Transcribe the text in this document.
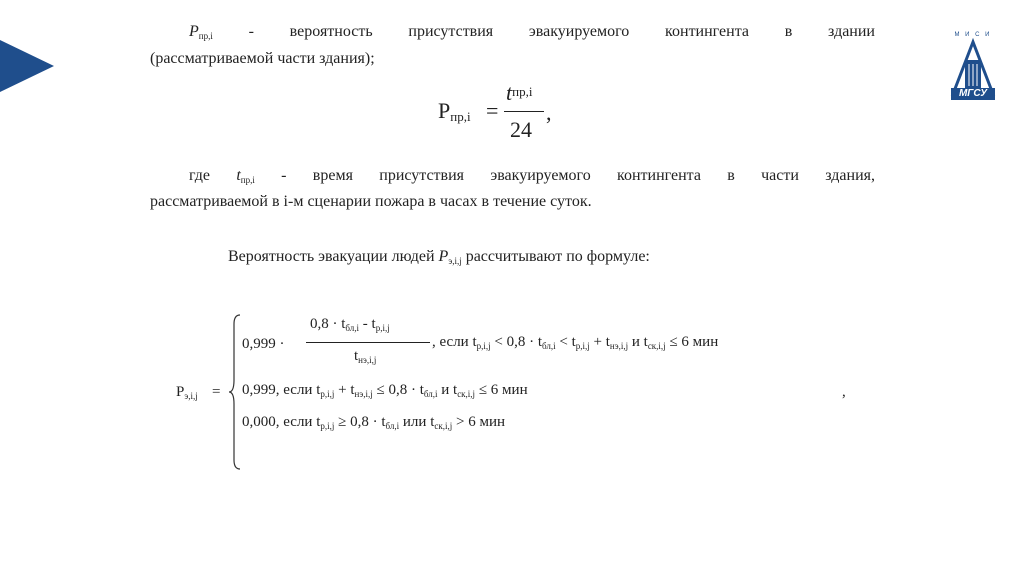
М И С И
МГСУ
$P_{пр,i}$ - вероятность присутствия эвакуируемого контингента в здании
(рассматриваемой части здания);
$P_{пр,i}$ =
$t_{пр,i}$
24
,
где $t_{пр,i}$ - время присутствия эвакуируемого контингента в части здания,
рассматриваемой в i-м сценарии пожара в часах в течение суток.
Вероятность эвакуации людей $P_{э,i,j}$ рассчитывают по формуле:
$P_{э,i,j}$ =
0,999 ·
$0,8 \cdot t_{бл,i} - t_{р,i,j}$
$t_{нэ,i,j}$
, если $t_{р,i,j} < 0,8 \cdot t_{бл,i} < t_{р,i,j} + t_{нэ,i,j}$ и $t_{ск,i,j} \le 6$ мин
0,999, если $t_{р,i,j} + t_{нэ,i,j} \le 0,8 \cdot t_{бл,i}$ и $t_{ск,i,j} \le 6$ мин
0,000, если $t_{р,i,j} \ge 0,8 \cdot t_{бл,i}$ или $t_{ск,i,j} > 6$ мин
,
